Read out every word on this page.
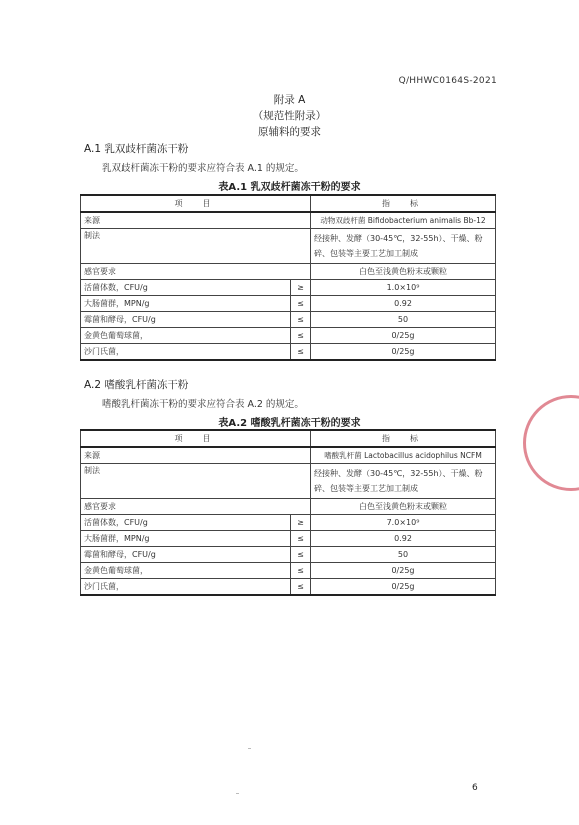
Q/HHWC0164S-2021
附录 A
（规范性附录）
原辅料的要求
A.1 乳双歧杆菌冻干粉
乳双歧杆菌冻干粉的要求应符合表 A.1 的规定。
表A.1 乳双歧杆菌冻干粉的要求
项　目		指　标
来源		动物双歧杆菌 Bifidobacterium animalis Bb-12
制法		经接种、发酵（30-45℃，32-55h）、干燥、粉碎、包装等主要工艺加工制成
感官要求		白色至浅黄色粉末或颗粒
活菌体数，CFU/g	≥	1.0×10⁹
大肠菌群，MPN/g	≤	0.92
霉菌和酵母，CFU/g	≤	50
金黄色葡萄球菌，	≤	0/25g
沙门氏菌，	≤	0/25g
A.2 嗜酸乳杆菌冻干粉
嗜酸乳杆菌冻干粉的要求应符合表 A.2 的规定。
表A.2 嗜酸乳杆菌冻干粉的要求
项　目		指　标
来源		嗜酸乳杆菌 Lactobacillus acidophilus NCFM
制法		经接种、发酵（30-45℃，32-55h）、干燥、粉碎、包装等主要工艺加工制成
感官要求		白色至浅黄色粉末或颗粒
活菌体数，CFU/g	≥	7.0×10⁹
大肠菌群，MPN/g	≤	0.92
霉菌和酵母，CFU/g	≤	50
金黄色葡萄球菌，	≤	0/25g
沙门氏菌，	≤	0/25g
6
